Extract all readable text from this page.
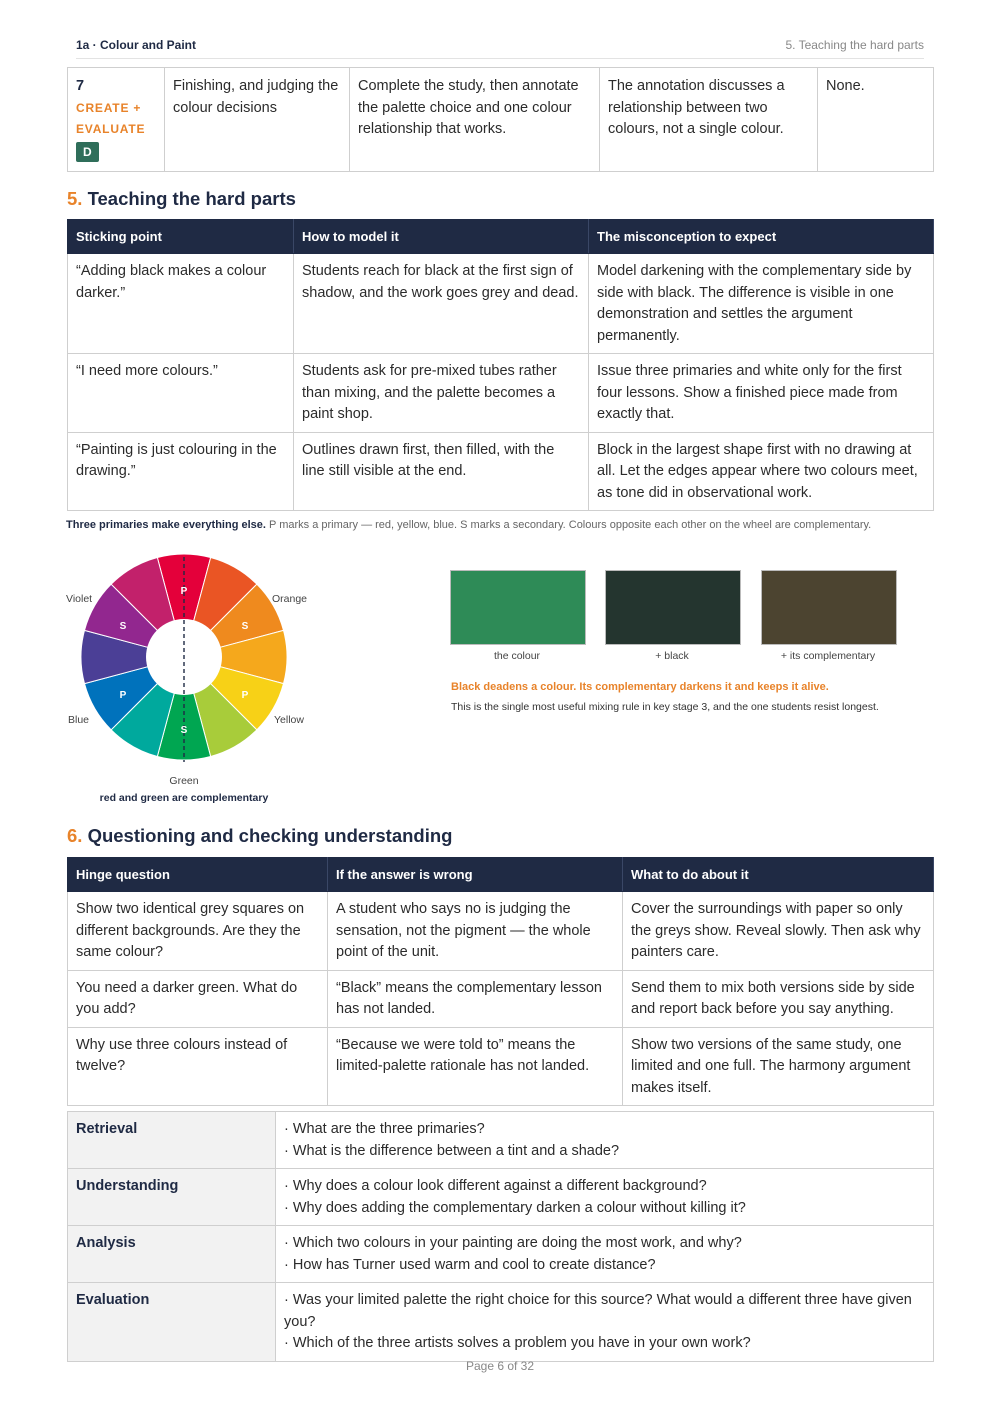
1a · Colour and Paint	5. Teaching the hard parts
7
CREATE +
EVALUATE
D	Finishing, and judging the colour decisions	Complete the study, then annotate the palette choice and one colour relationship that works.	The annotation discusses a relationship between two colours, not a single colour.	None.
5. Teaching the hard parts
Sticking point	How to model it	The misconception to expect
“Adding black makes a colour darker.”	Students reach for black at the first sign of shadow, and the work goes grey and dead.	Model darkening with the complementary side by side with black. The difference is visible in one demonstration and settles the argument permanently.
“I need more colours.”	Students ask for pre-mixed tubes rather than mixing, and the palette becomes a paint shop.	Issue three primaries and white only for the first four lessons. Show a finished piece made from exactly that.
“Painting is just colouring in the drawing.”	Outlines drawn first, then filled, with the line still visible at the end.	Block in the largest shape first with no drawing at all. Let the edges appear where two colours meet, as tone did in observational work.
Three primaries make everything else. P marks a primary — red, yellow, blue. S marks a secondary. Colours opposite each other on the wheel are complementary.
P
S
P
S
P
S
Violet	Orange
Blue	Yellow
Green
red and green are complementary
the colour	+ black	+ its complementary
Black deadens a colour. Its complementary darkens it and keeps it alive.
This is the single most useful mixing rule in key stage 3, and the one students resist longest.
6. Questioning and checking understanding
Hinge question	If the answer is wrong	What to do about it
Show two identical grey squares on different backgrounds. Are they the same colour?	A student who says no is judging the sensation, not the pigment — the whole point of the unit.	Cover the surroundings with paper so only the greys show. Reveal slowly. Then ask why painters care.
You need a darker green. What do you add?	“Black” means the complementary lesson has not landed.	Send them to mix both versions side by side and report back before you say anything.
Why use three colours instead of twelve?	“Because we were told to” means the limited-palette rationale has not landed.	Show two versions of the same study, one limited and one full. The harmony argument makes itself.
Retrieval	· What are the three primaries?
· What is the difference between a tint and a shade?

Understanding	· Why does a colour look different against a different background?
· Why does adding the complementary darken a colour without killing it?

Analysis	· Which two colours in your painting are doing the most work, and why?
· How has Turner used warm and cool to create distance?

Evaluation	· Was your limited palette the right choice for this source? What would a different three have given you?
· Which of the three artists solves a problem you have in your own work?
Page 6 of 32
